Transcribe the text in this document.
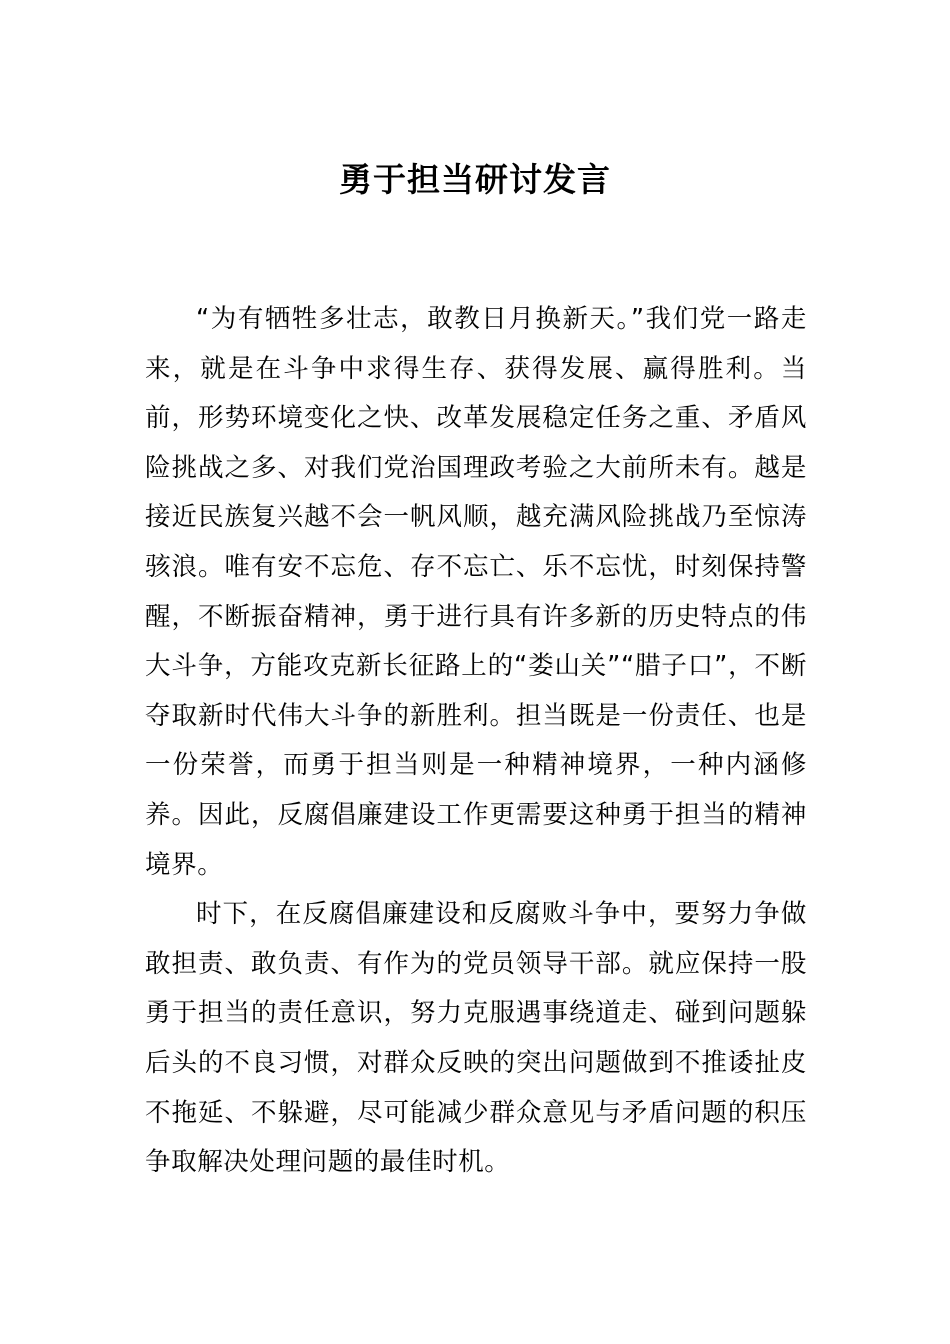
勇于担当研讨发言

“为有牺牲多壮志，敢教日月换新天。”我们党一路走来，就是在斗争中求得生存、获得发展、赢得胜利。当前，形势环境变化之快、改革发展稳定任务之重、矛盾风险挑战之多、对我们党治国理政考验之大前所未有。越是接近民族复兴越不会一帆风顺，越充满风险挑战乃至惊涛骇浪。唯有安不忘危、存不忘亡、乐不忘忧，时刻保持警醒，不断振奋精神，勇于进行具有许多新的历史特点的伟大斗争，方能攻克新长征路上的“娄山关”“腊子口”，不断夺取新时代伟大斗争的新胜利。担当既是一份责任、也是一份荣誉，而勇于担当则是一种精神境界，一种内涵修养。因此，反腐倡廉建设工作更需要这种勇于担当的精神境界。

时下，在反腐倡廉建设和反腐败斗争中，要努力争做敢担责、敢负责、有作为的党员领导干部。就应保持一股勇于担当的责任意识，努力克服遇事绕道走、碰到问题躲后头的不良习惯，对群众反映的突出问题做到不推诿扯皮不拖延、不躲避，尽可能减少群众意见与矛盾问题的积压争取解决处理问题的最佳时机。
